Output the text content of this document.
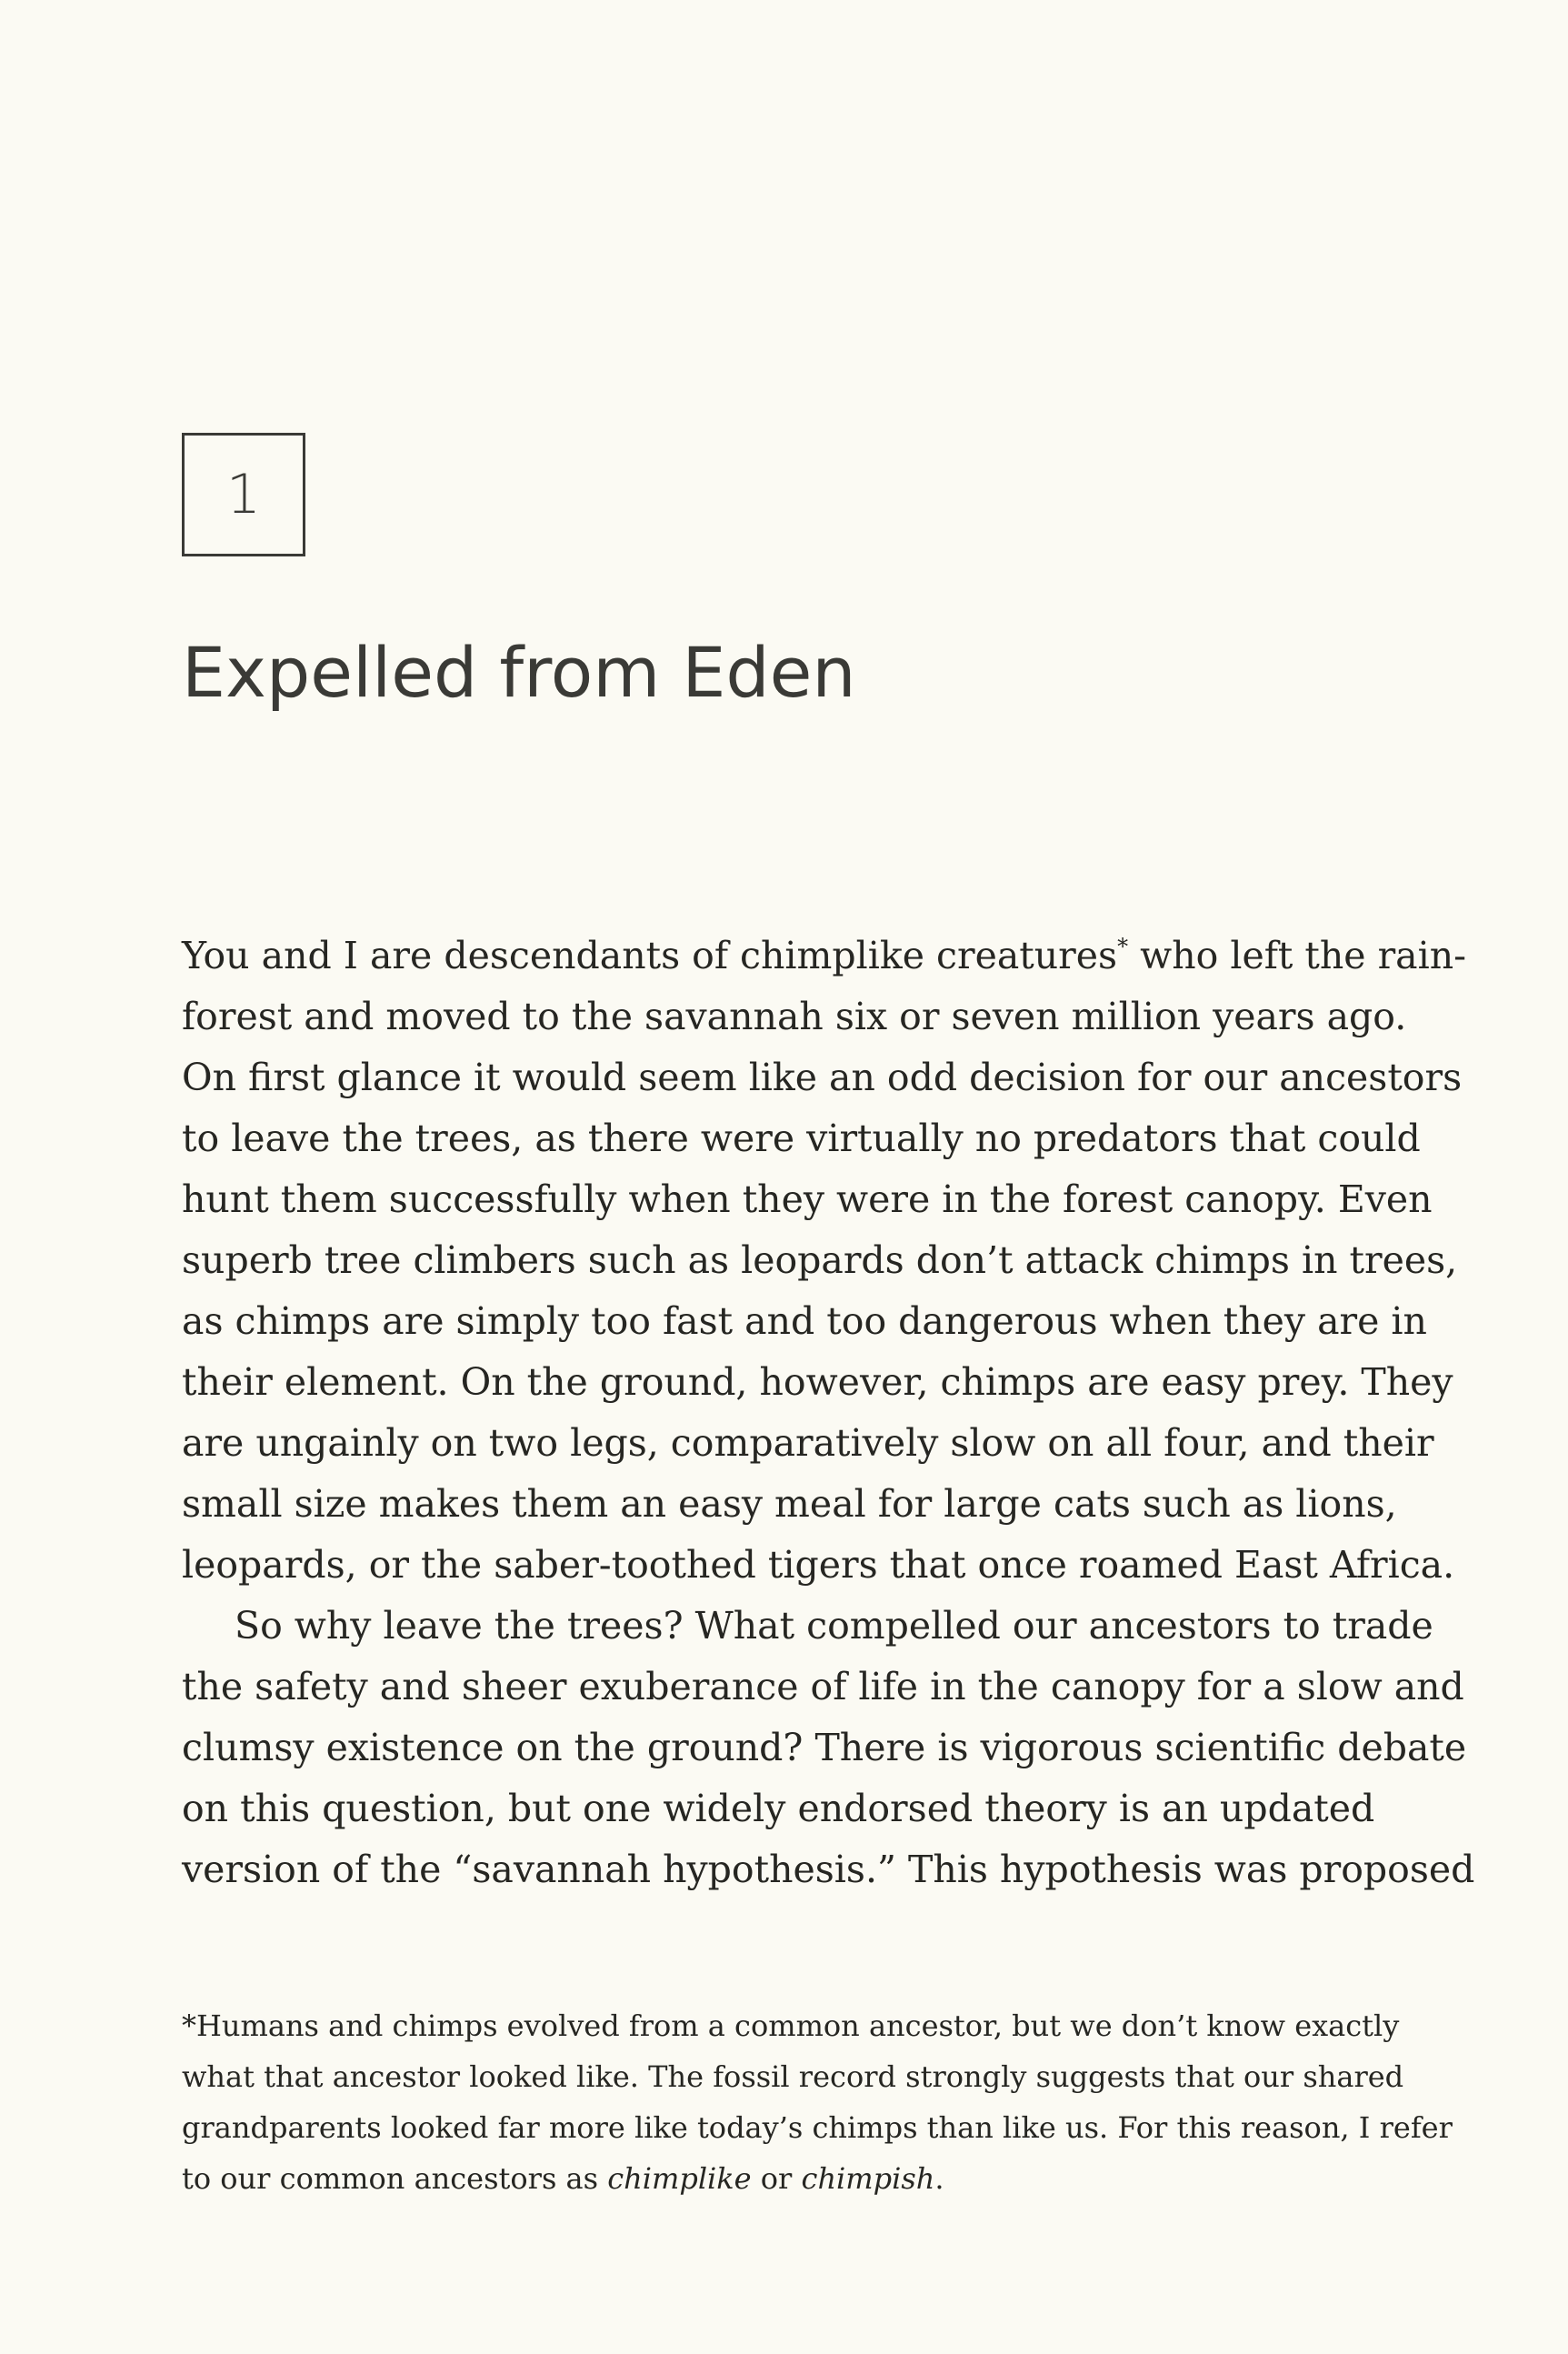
1
Expelled from Eden
You and I are descendants of chimplike creatures* who left the rain-
forest and moved to the savannah six or seven million years ago.
On first glance it would seem like an odd decision for our ancestors
to leave the trees, as there were virtually no predators that could
hunt them successfully when they were in the forest canopy. Even
superb tree climbers such as leopards don’t attack chimps in trees,
as chimps are simply too fast and too dangerous when they are in
their element. On the ground, however, chimps are easy prey. They
are ungainly on two legs, comparatively slow on all four, and their
small size makes them an easy meal for large cats such as lions,
leopards, or the saber-toothed tigers that once roamed East Africa.
So why leave the trees? What compelled our ancestors to trade
the safety and sheer exuberance of life in the canopy for a slow and
clumsy existence on the ground? There is vigorous scientific debate
on this question, but one widely endorsed theory is an updated
version of the “savannah hypothesis.” This hypothesis was proposed
*Humans and chimps evolved from a common ancestor, but we don’t know exactly
what that ancestor looked like. The fossil record strongly suggests that our shared
grandparents looked far more like today’s chimps than like us. For this reason, I refer
to our common ancestors as chimplike or chimpish.
